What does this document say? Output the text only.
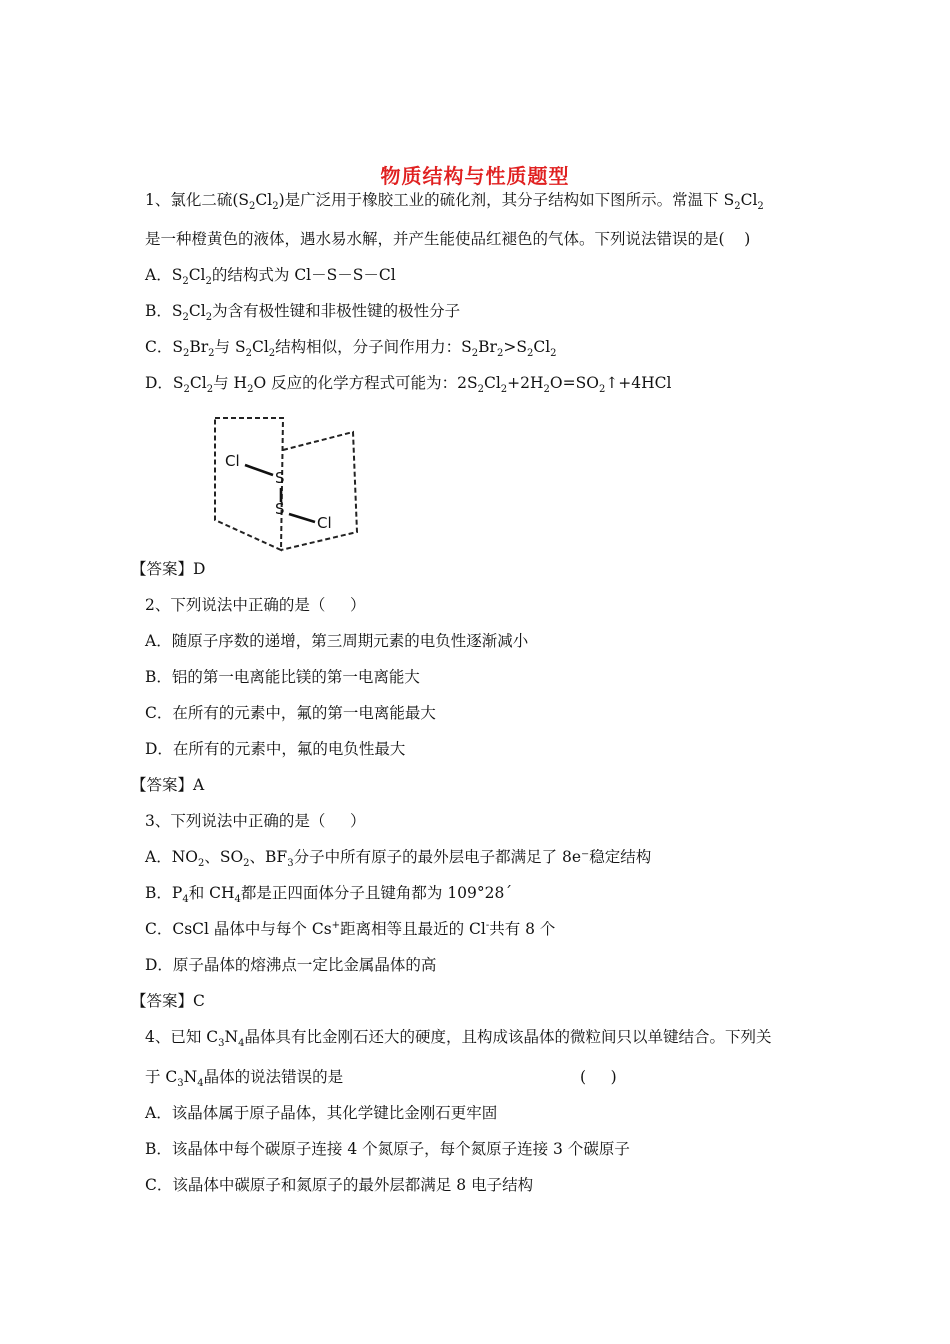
物质结构与性质题型
1、氯化二硫$(S_2Cl_2)$是广泛用于橡胶工业的硫化剂，其分子结构如下图所示。常温下 $S_2Cl_2$
是一种橙黄色的液体，遇水易水解，并产生能使品红褪色的气体。下列说法错误的是(    )
A．$S_2Cl_2$的结构式为 Cl－S－S－Cl
B．$S_2Cl_2$为含有极性键和非极性键的极性分子
C．$S_2Br_2$与 $S_2Cl_2$结构相似，分子间作用力：$S_2Br_2>S_2Cl_2$
D．$S_2Cl_2$与 $H_2O$ 反应的化学方程式可能为：$2S_2Cl_2+2H_2O=SO_2↑+4HCl$
Cl
S
S
Cl
【答案】D
2、下列说法中正确的是（     ）
A．随原子序数的递增，第三周期元素的电负性逐渐减小
B．铝的第一电离能比镁的第一电离能大
C．在所有的元素中，氟的第一电离能最大
D．在所有的元素中，氟的电负性最大
【答案】A
3、下列说法中正确的是（     ）
A．$NO_2$、$SO_2$、$BF_3$分子中所有原子的最外层电子都满足了 8e⁻稳定结构
B．$P_4$和 $CH_4$都是正四面体分子且键角都为 109°28´
C．CsCl 晶体中与每个 Cs+距离相等且最近的 Cl-共有 8 个
D．原子晶体的熔沸点一定比金属晶体的高
【答案】C
4、已知 $C_3N_4$晶体具有比金刚石还大的硬度，且构成该晶体的微粒间只以单键结合。下列关
于 $C_3N_4$晶体的说法错误的是	(     )
A．该晶体属于原子晶体，其化学键比金刚石更牢固
B．该晶体中每个碳原子连接 4 个氮原子，每个氮原子连接 3 个碳原子
C．该晶体中碳原子和氮原子的最外层都满足 8 电子结构
